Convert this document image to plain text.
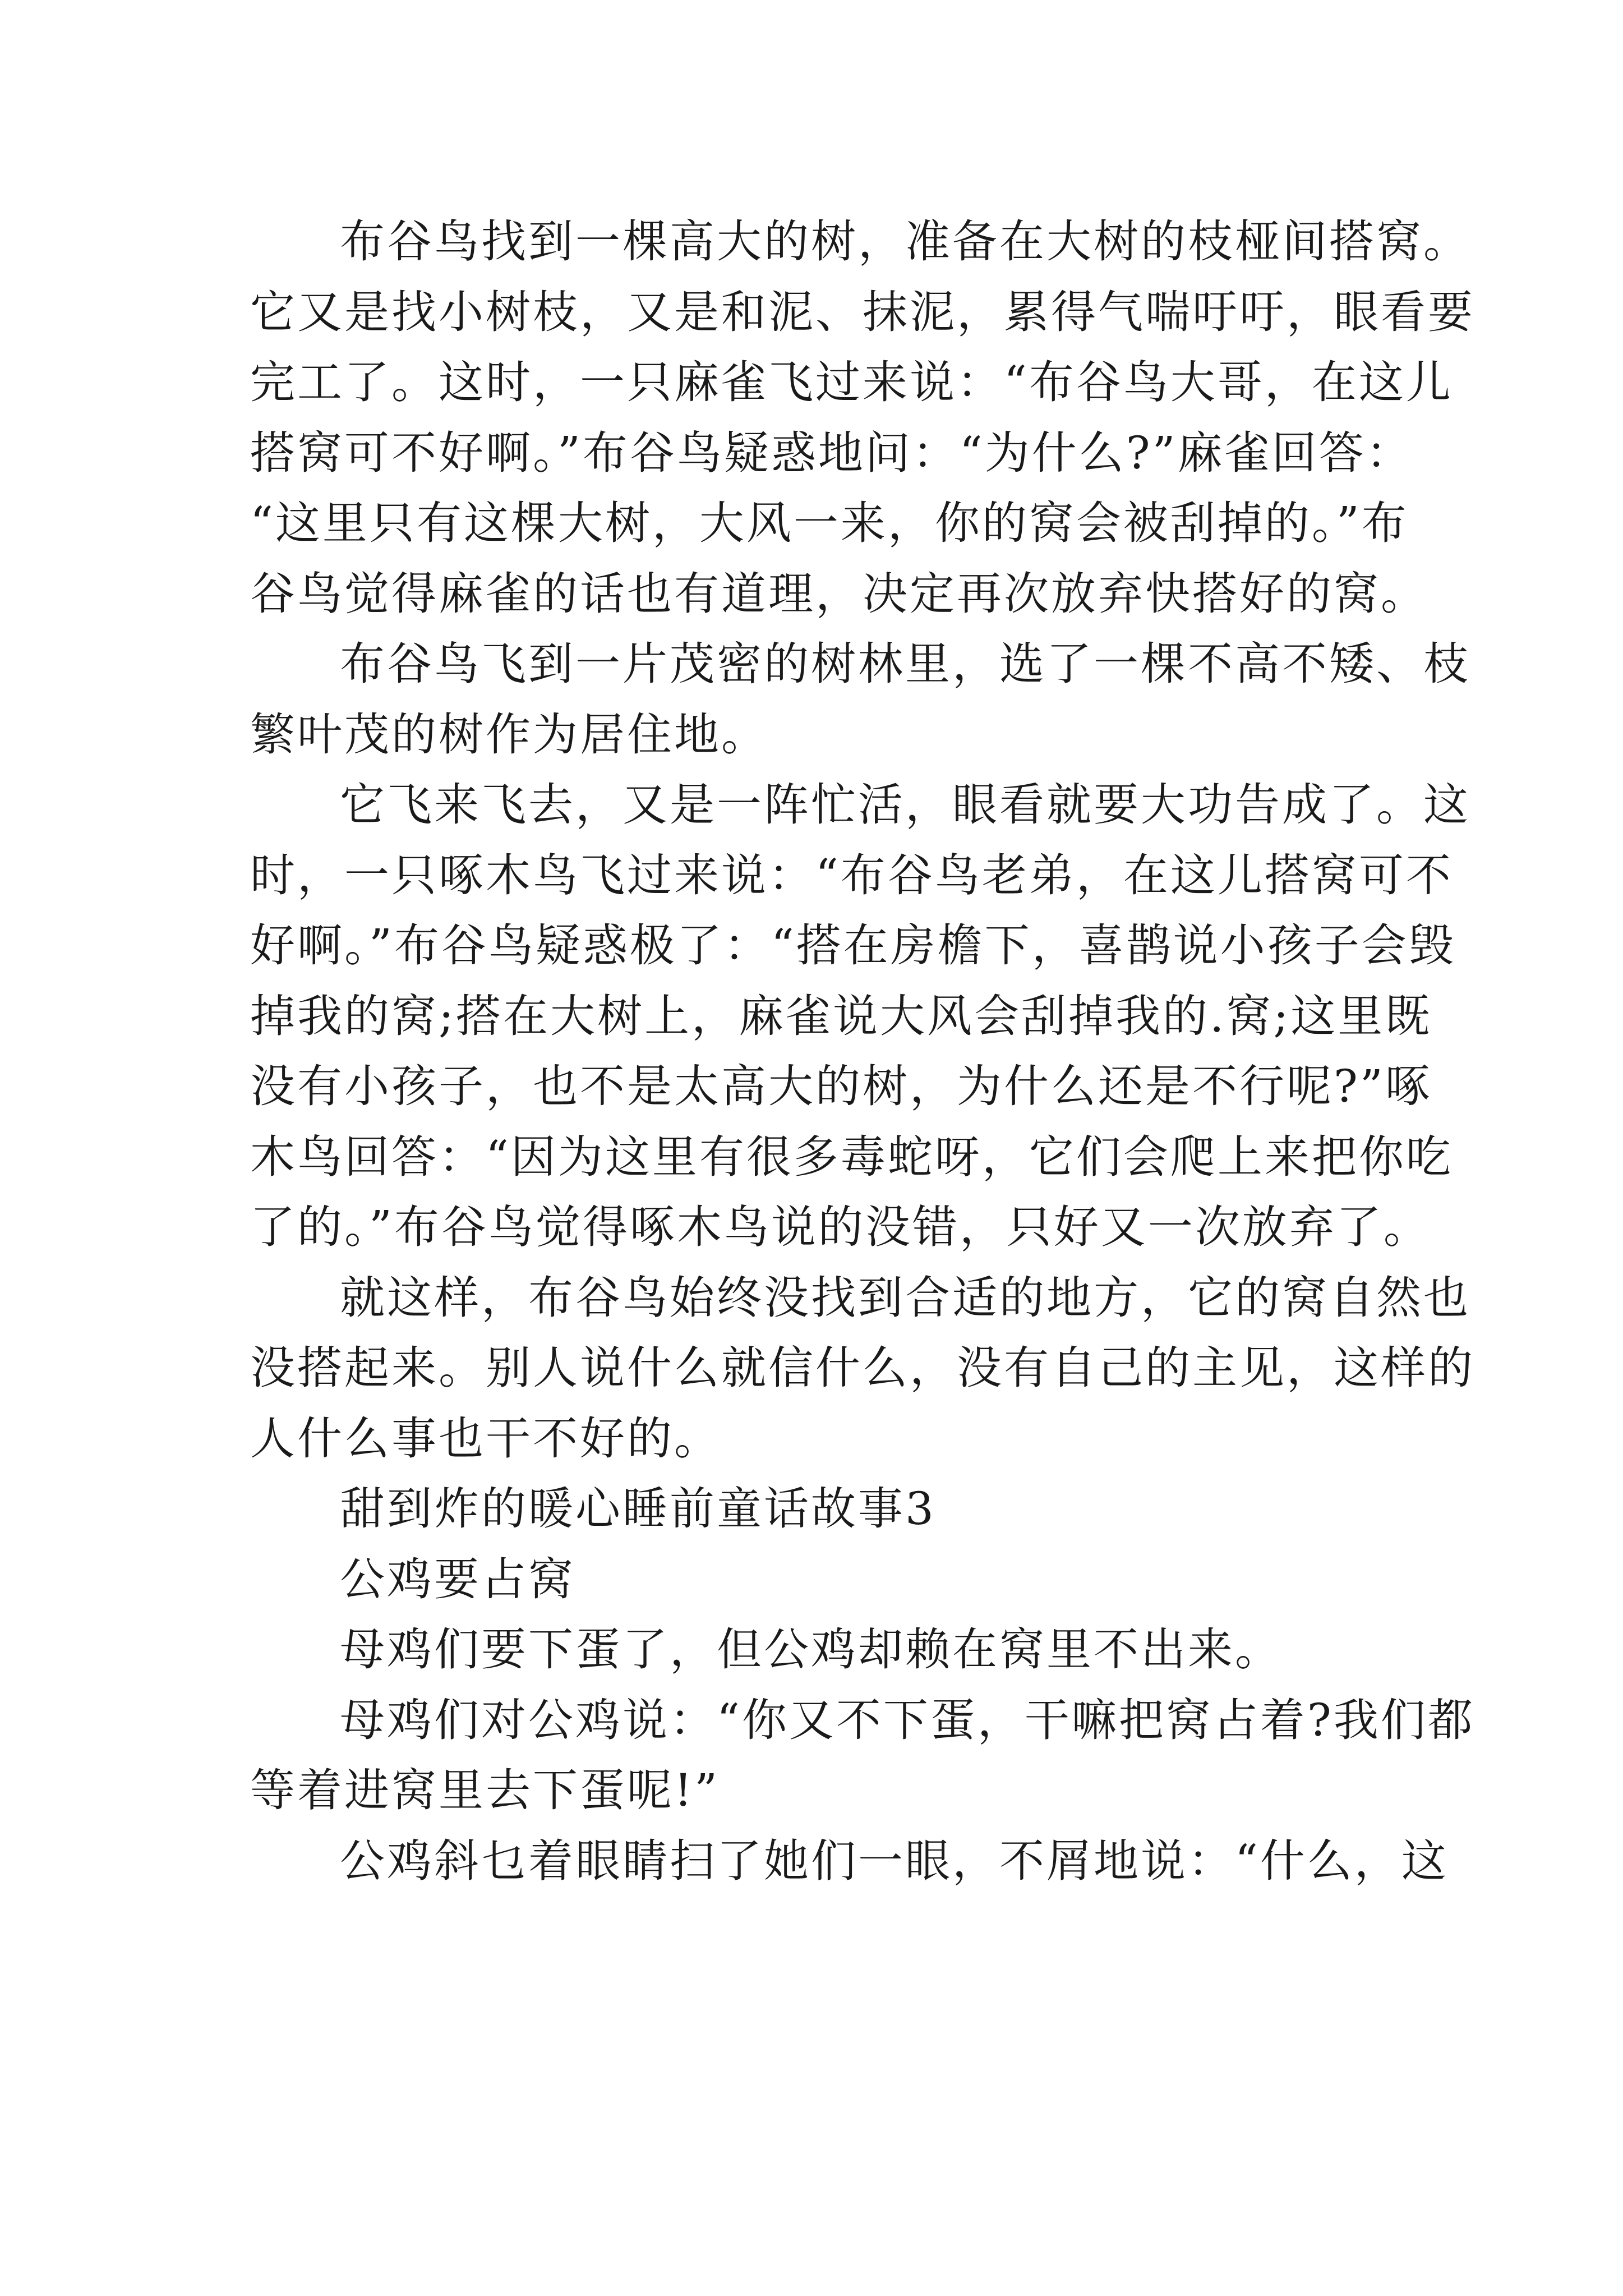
布谷鸟找到一棵高大的树，准备在大树的枝桠间搭窝。

它又是找小树枝，又是和泥、抹泥，累得气喘吁吁，眼看要

完工了。这时，一只麻雀飞过来说：“布谷鸟大哥，在这儿

搭窝可不好啊。”布谷鸟疑惑地问：“为什么?”麻雀回答：

“这里只有这棵大树，大风一来，你的窝会被刮掉的。”布

谷鸟觉得麻雀的话也有道理，决定再次放弃快搭好的窝。

布谷鸟飞到一片茂密的树林里，选了一棵不高不矮、枝

繁叶茂的树作为居住地。

它飞来飞去，又是一阵忙活，眼看就要大功告成了。这

时，一只啄木鸟飞过来说：“布谷鸟老弟，在这儿搭窝可不

好啊。”布谷鸟疑惑极了：“搭在房檐下，喜鹊说小孩子会毁

掉我的窝;搭在大树上，麻雀说大风会刮掉我的.窝;这里既

没有小孩子，也不是太高大的树，为什么还是不行呢?”啄

木鸟回答：“因为这里有很多毒蛇呀，它们会爬上来把你吃

了的。”布谷鸟觉得啄木鸟说的没错，只好又一次放弃了。

就这样，布谷鸟始终没找到合适的地方，它的窝自然也

没搭起来。别人说什么就信什么，没有自己的主见，这样的

人什么事也干不好的。

甜到炸的暖心睡前童话故事3

公鸡要占窝

母鸡们要下蛋了，但公鸡却赖在窝里不出来。

母鸡们对公鸡说：“你又不下蛋，干嘛把窝占着?我们都

等着进窝里去下蛋呢!”

公鸡斜乜着眼睛扫了她们一眼，不屑地说：“什么，这
